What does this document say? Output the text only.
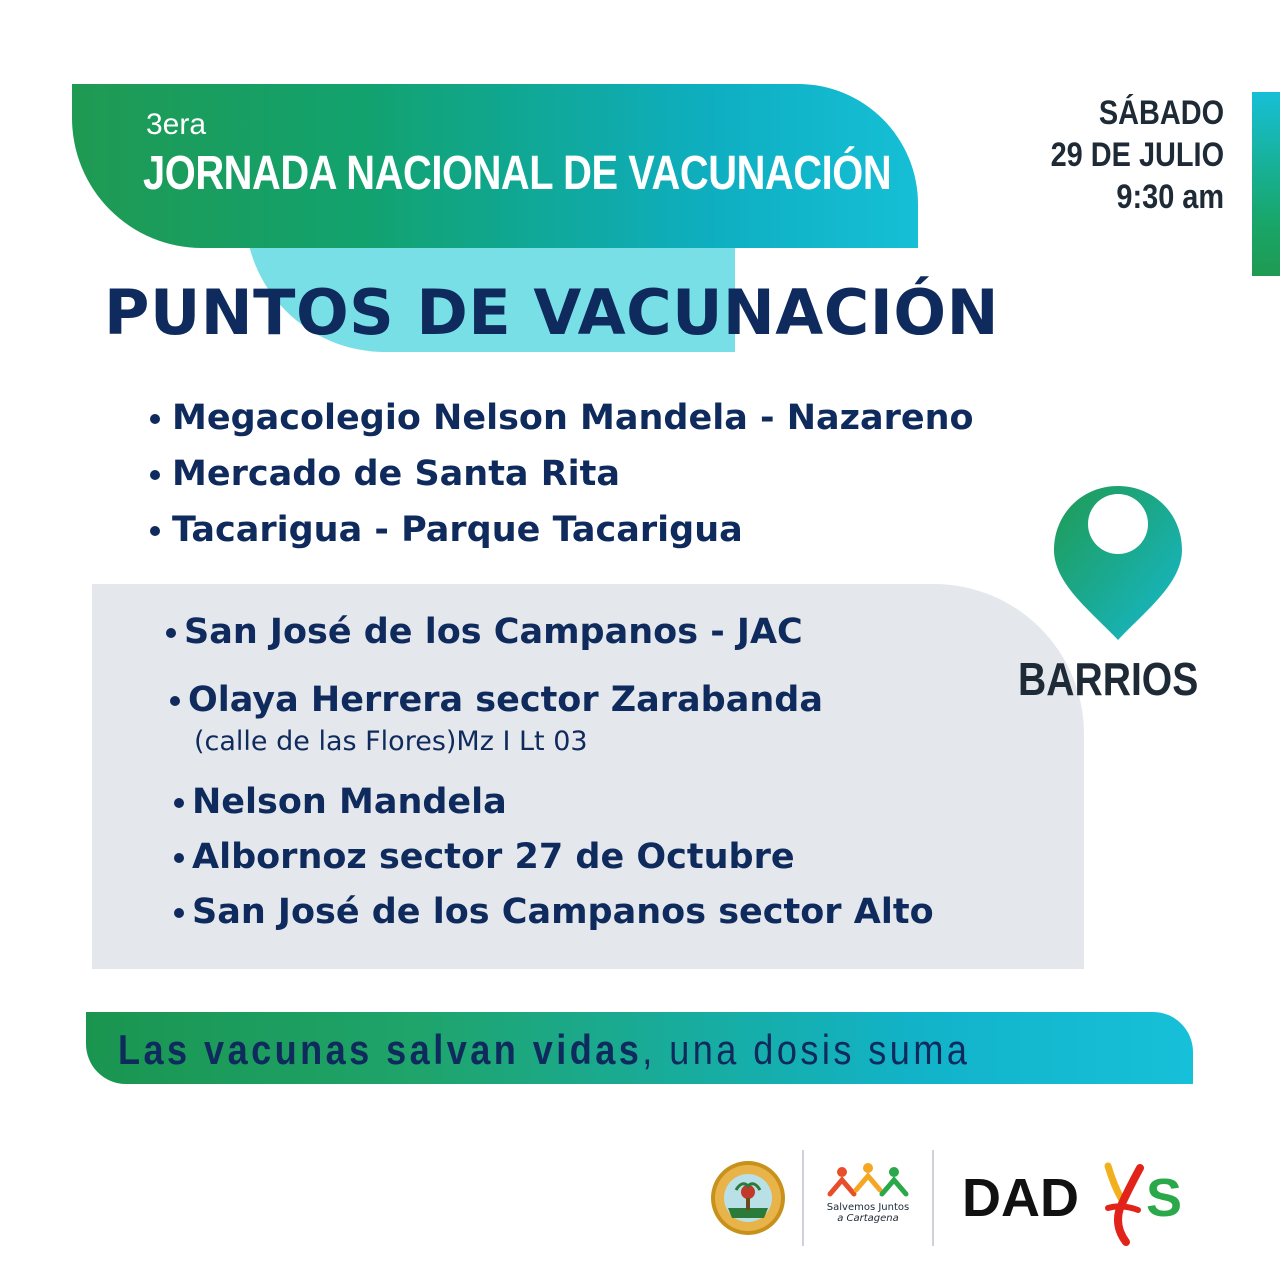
3era
JORNADA NACIONAL DE VACUNACIÓN
SÁBADO
29 DE JULIO
9:30 am
PUNTOS DE VACUNACIÓN
Megacolegio Nelson Mandela - Nazareno
Mercado de Santa Rita
Tacarigua - Parque Tacarigua
San José de los Campanos - JAC
Olaya Herrera sector Zarabanda
(calle de las Flores)Mz I Lt 03
Nelson Mandela
Albornoz sector 27 de Octubre
San José de los Campanos sector Alto
BARRIOS
Las vacunas salvan vidas, una dosis suma
Salvemos Juntos
a Cartagena	DAD S
